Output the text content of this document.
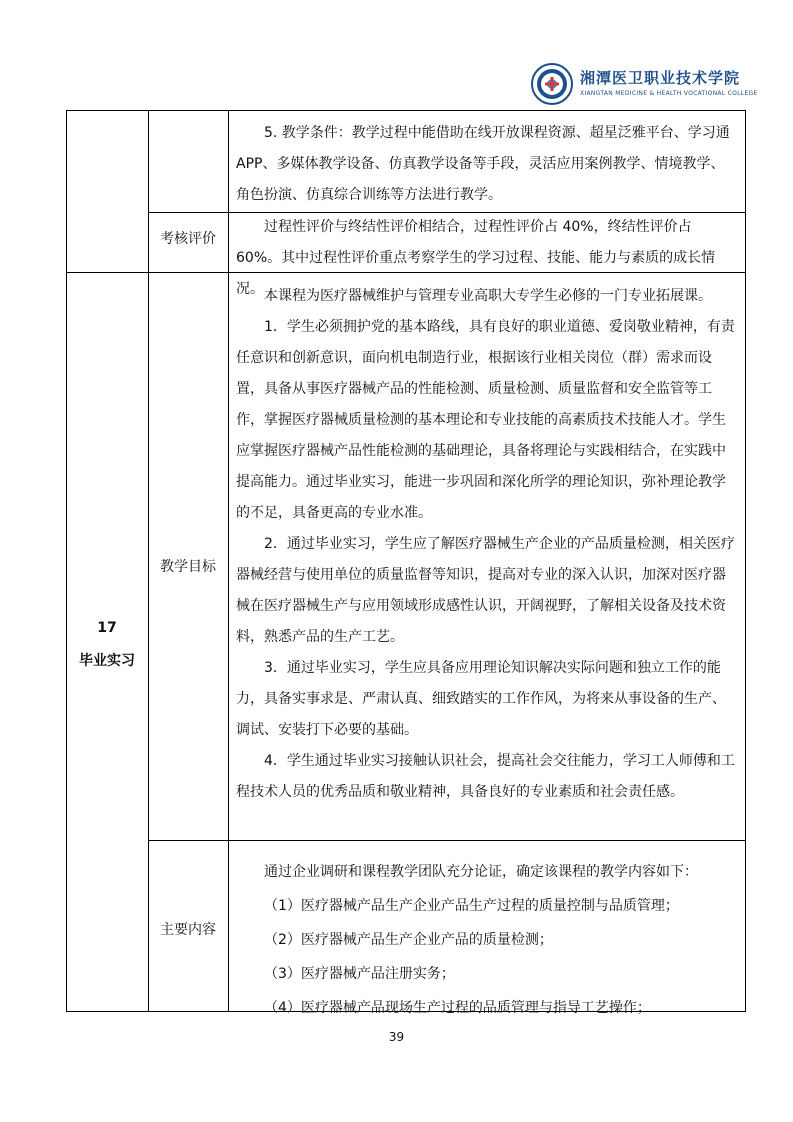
湘潭医卫职业技术学院
XIANGTAN MEDICINE & HEALTH VOCATIONAL COLLEGE

5. 教学条件：教学过程中能借助在线开放课程资源、超星泛雅平台、学习通 APP、多媒体教学设备、仿真教学设备等手段，灵活应用案例教学、情境教学、角色扮演、仿真综合训练等方法进行教学。

考核评价

过程性评价与终结性评价相结合，过程性评价占 40%，终结性评价占 60%。其中过程性评价重点考察学生的学习过程、技能、能力与素质的成长情况。

17
毕业实习
教学目标

本课程为医疗器械维护与管理专业高职大专学生必修的一门专业拓展课。

1．学生必须拥护党的基本路线，具有良好的职业道德、爱岗敬业精神，有责任意识和创新意识，面向机电制造行业，根据该行业相关岗位（群）需求而设置，具备从事医疗器械产品的性能检测、质量检测、质量监督和安全监管等工作，掌握医疗器械质量检测的基本理论和专业技能的高素质技术技能人才。学生应掌握医疗器械产品性能检测的基础理论，具备将理论与实践相结合，在实践中提高能力。通过毕业实习，能进一步巩固和深化所学的理论知识，弥补理论教学的不足，具备更高的专业水准。

2．通过毕业实习，学生应了解医疗器械生产企业的产品质量检测，相关医疗器械经营与使用单位的质量监督等知识，提高对专业的深入认识，加深对医疗器械在医疗器械生产与应用领域形成感性认识，开阔视野，了解相关设备及技术资料，熟悉产品的生产工艺。

3．通过毕业实习，学生应具备应用理论知识解决实际问题和独立工作的能力，具备实事求是、严肃认真、细致踏实的工作作风，为将来从事设备的生产、调试、安装打下必要的基础。

4．学生通过毕业实习接触认识社会，提高社会交往能力，学习工人师傅和工程技术人员的优秀品质和敬业精神，具备良好的专业素质和社会责任感。

主要内容

通过企业调研和课程教学团队充分论证，确定该课程的教学内容如下：

（1）医疗器械产品生产企业产品生产过程的质量控制与品质管理；

（2）医疗器械产品生产企业产品的质量检测；

（3）医疗器械产品注册实务；

（4）医疗器械产品现场生产过程的品质管理与指导工艺操作；

39
